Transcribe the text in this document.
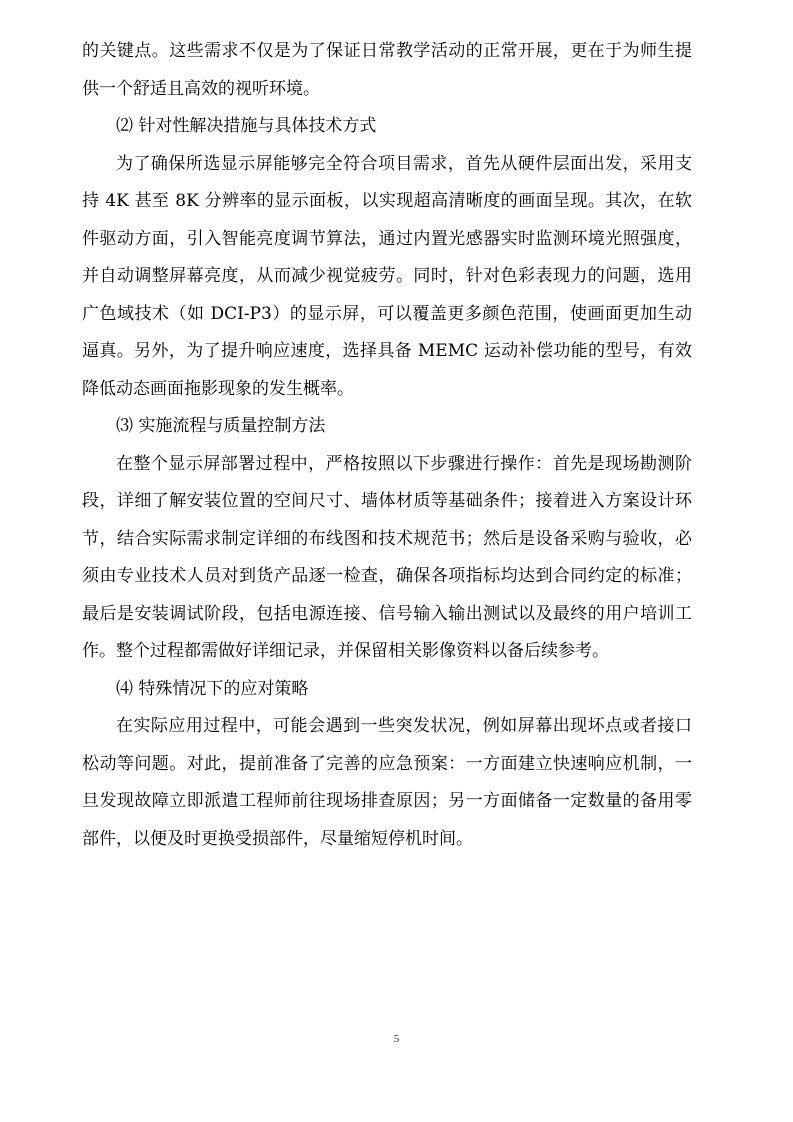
的关键点。这些需求不仅是为了保证日常教学活动的正常开展，更在于为师生提供一个舒适且高效的视听环境。

⑵ 针对性解决措施与具体技术方式

为了确保所选显示屏能够完全符合项目需求，首先从硬件层面出发，采用支持 4K 甚至 8K 分辨率的显示面板，以实现超高清晰度的画面呈现。其次，在软件驱动方面，引入智能亮度调节算法，通过内置光感器实时监测环境光照强度，并自动调整屏幕亮度，从而减少视觉疲劳。同时，针对色彩表现力的问题，选用广色域技术（如 DCI-P3）的显示屏，可以覆盖更多颜色范围，使画面更加生动逼真。另外，为了提升响应速度，选择具备 MEMC 运动补偿功能的型号，有效降低动态画面拖影现象的发生概率。

⑶ 实施流程与质量控制方法

在整个显示屏部署过程中，严格按照以下步骤进行操作：首先是现场勘测阶段，详细了解安装位置的空间尺寸、墙体材质等基础条件；接着进入方案设计环节，结合实际需求制定详细的布线图和技术规范书；然后是设备采购与验收，必须由专业技术人员对到货产品逐一检查，确保各项指标均达到合同约定的标准；最后是安装调试阶段，包括电源连接、信号输入输出测试以及最终的用户培训工作。整个过程都需做好详细记录，并保留相关影像资料以备后续参考。

⑷ 特殊情况下的应对策略

在实际应用过程中，可能会遇到一些突发状况，例如屏幕出现坏点或者接口松动等问题。对此，提前准备了完善的应急预案：一方面建立快速响应机制，一旦发现故障立即派遣工程师前往现场排查原因；另一方面储备一定数量的备用零部件，以便及时更换受损部件，尽量缩短停机时间。

5
